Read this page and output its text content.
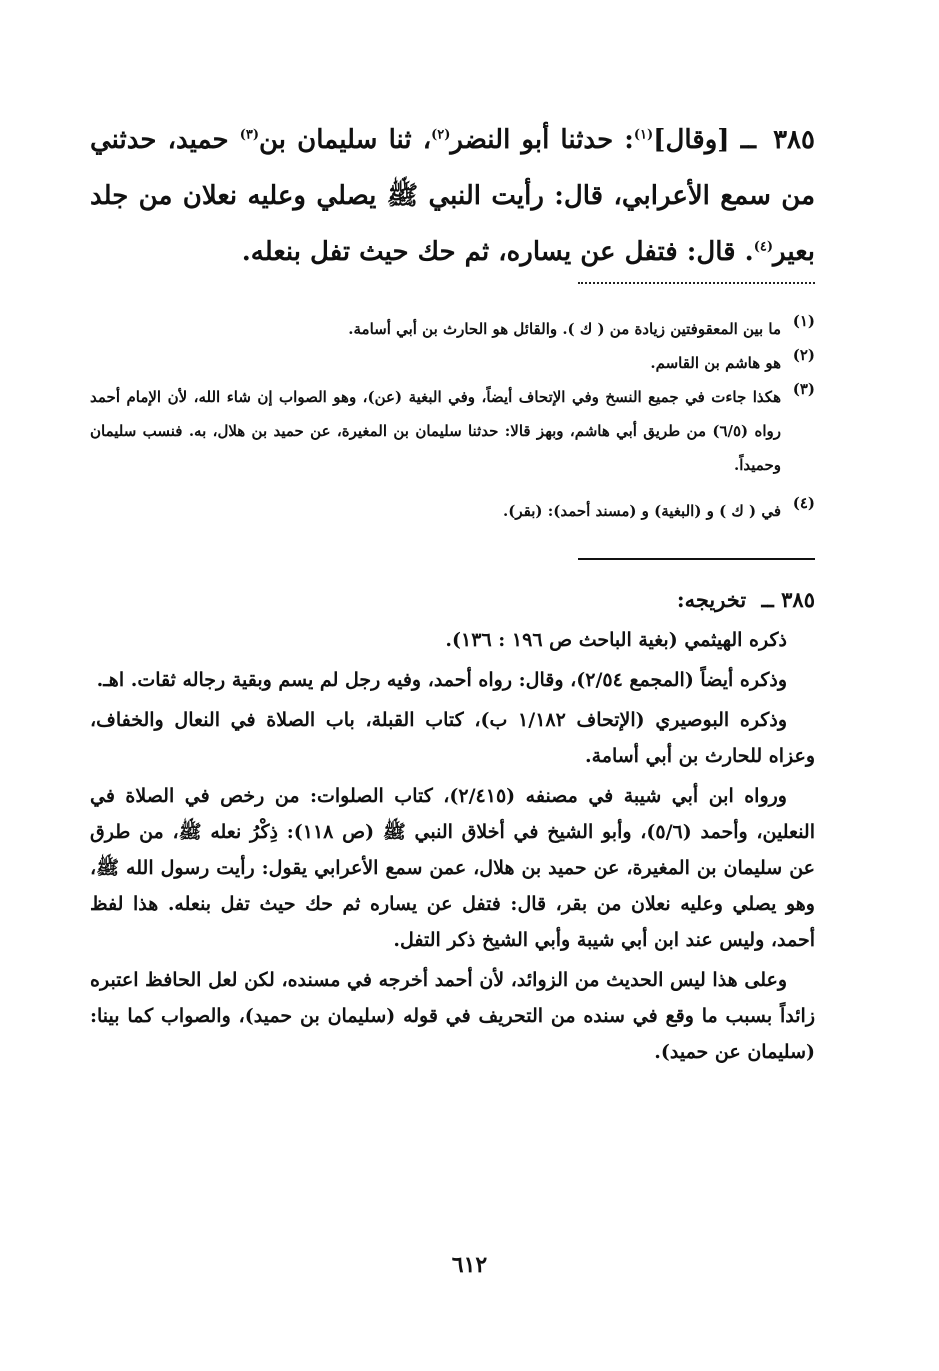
٣٨٥ ــ [وقال]$^{(١)}$: حدثنا أبو النضر$^{(٢)}$، ثنا سليمان بن$^{(٣)}$ حميد، حدثني من سمع الأعرابي، قال: رأيت النبي ﷺ يصلي وعليه نعلان من جلد بعير$^{(٤)}$. قال: فتفل عن يساره، ثم حك حيث تفل بنعله.
(١)
ما بين المعقوفتين زيادة من ( ك ). والقائل هو الحارث بن أبي أسامة.
(٢)
هو هاشم بن القاسم.
(٣)
هكذا جاءت في جميع النسخ وفي الإتحاف أيضاً، وفي البغية (عن)، وهو الصواب إن شاء الله، لأن الإمام أحمد رواه (٦/٥) من طريق أبي هاشم، وبهز قالا: حدثنا سليمان بن المغيرة، عن حميد بن هلال، به. فنسب سليمان وحميداً.
(٤)
في ( ك ) و (البغية) و (مسند أحمد): (بقر).
٣٨٥ ــ تخريجه:

ذكره الهيثمي (بغية الباحث ص ١٩٦ : ١٣٦).

وذكره أيضاً (المجمع ٢/٥٤)، وقال: رواه أحمد، وفيه رجل لم يسم وبقية رجاله ثقات. اهـ.

وذكره البوصيري (الإتحاف ١/١٨٢ ب)، كتاب القبلة، باب الصلاة في النعال والخفاف، وعزاه للحارث بن أبي أسامة.

ورواه ابن أبي شيبة في مصنفه (٢/٤١٥)، كتاب الصلوات: من رخص في الصلاة في النعلين، وأحمد (٥/٦)، وأبو الشيخ في أخلاق النبي ﷺ (ص ١١٨): ذِكْرُ نعله ﷺ، من طرق عن سليمان بن المغيرة، عن حميد بن هلال، عمن سمع الأعرابي يقول: رأيت رسول الله ﷺ، وهو يصلي وعليه نعلان من بقر، قال: فتفل عن يساره ثم حك حيث تفل بنعله. هذا لفظ أحمد، وليس عند ابن أبي شيبة وأبي الشيخ ذكر التفل.

وعلى هذا ليس الحديث من الزوائد، لأن أحمد أخرجه في مسنده، لكن لعل الحافظ اعتبره زائداً بسبب ما وقع في سنده من التحريف في قوله (سليمان بن حميد)، والصواب كما بينا: (سليمان عن حميد).

٦١٢
